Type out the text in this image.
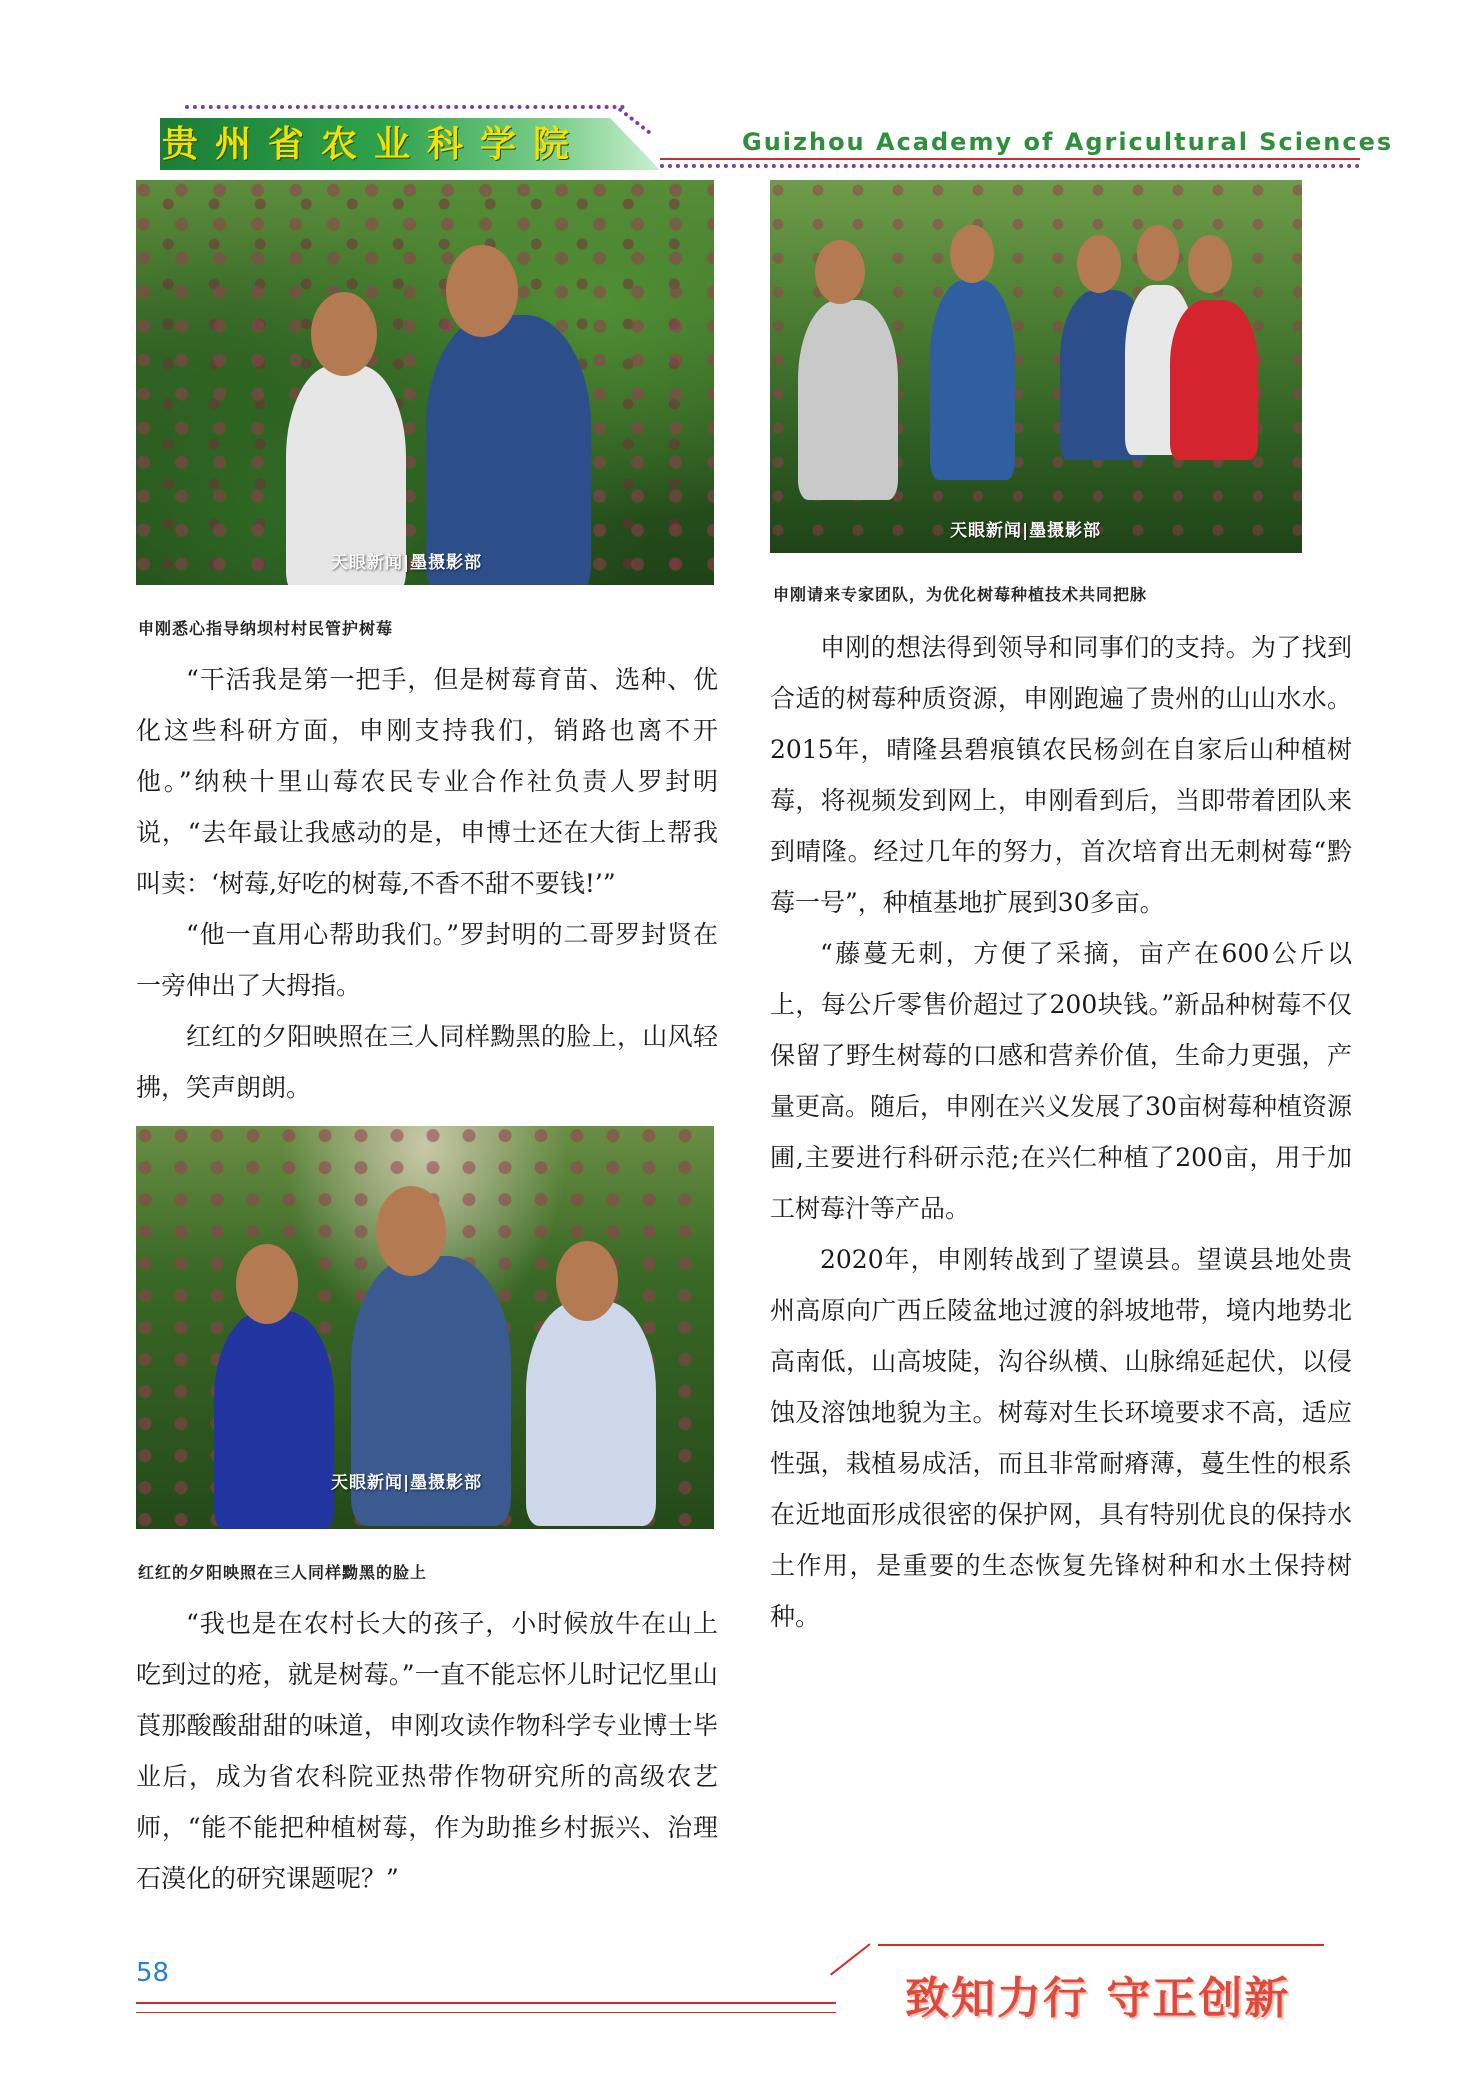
贵州省农业科学院	Guizhou Academy of Agricultural Sciences
天眼新闻|墨摄影部
申刚悉心指导纳坝村村民管护树莓
天眼新闻|墨摄影部
申刚请来专家团队，为优化树莓种植技术共同把脉

“干活我是第一把手，但是树莓育苗、选种、优化这些科研方面，申刚支持我们，销路也离不开他。”纳秧十里山莓农民专业合作社负责人罗封明说，“去年最让我感动的是，申博士还在大街上帮我叫卖：‘树莓,好吃的树莓,不香不甜不要钱!’”

“他一直用心帮助我们。”罗封明的二哥罗封贤在一旁伸出了大拇指。

红红的夕阳映照在三人同样黝黑的脸上，山风轻拂，笑声朗朗。

天眼新闻|墨摄影部
红红的夕阳映照在三人同样黝黑的脸上

“我也是在农村长大的孩子，小时候放牛在山上吃到过的疮，就是树莓。”一直不能忘怀儿时记忆里山莨那酸酸甜甜的味道，申刚攻读作物科学专业博士毕业后，成为省农科院亚热带作物研究所的高级农艺师，“能不能把种植树莓，作为助推乡村振兴、治理石漠化的研究课题呢？”

申刚的想法得到领导和同事们的支持。为了找到合适的树莓种质资源，申刚跑遍了贵州的山山水水。2015年，晴隆县碧痕镇农民杨剑在自家后山种植树莓，将视频发到网上，申刚看到后，当即带着团队来到晴隆。经过几年的努力，首次培育出无刺树莓“黔莓一号”，种植基地扩展到30多亩。

“藤蔓无刺，方便了采摘，亩产在600公斤以上，每公斤零售价超过了200块钱。”新品种树莓不仅保留了野生树莓的口感和营养价值，生命力更强，产量更高。随后，申刚在兴义发展了30亩树莓种植资源圃,主要进行科研示范;在兴仁种植了200亩，用于加工树莓汁等产品。

2020年，申刚转战到了望谟县。望谟县地处贵州高原向广西丘陵盆地过渡的斜坡地带，境内地势北高南低，山高坡陡，沟谷纵横、山脉绵延起伏，以侵蚀及溶蚀地貌为主。树莓对生长环境要求不高，适应性强，栽植易成活，而且非常耐瘠薄，蔓生性的根系在近地面形成很密的保护网，具有特别优良的保持水土作用，是重要的生态恢复先锋树种和水土保持树种。

58	致知力行 守正创新
